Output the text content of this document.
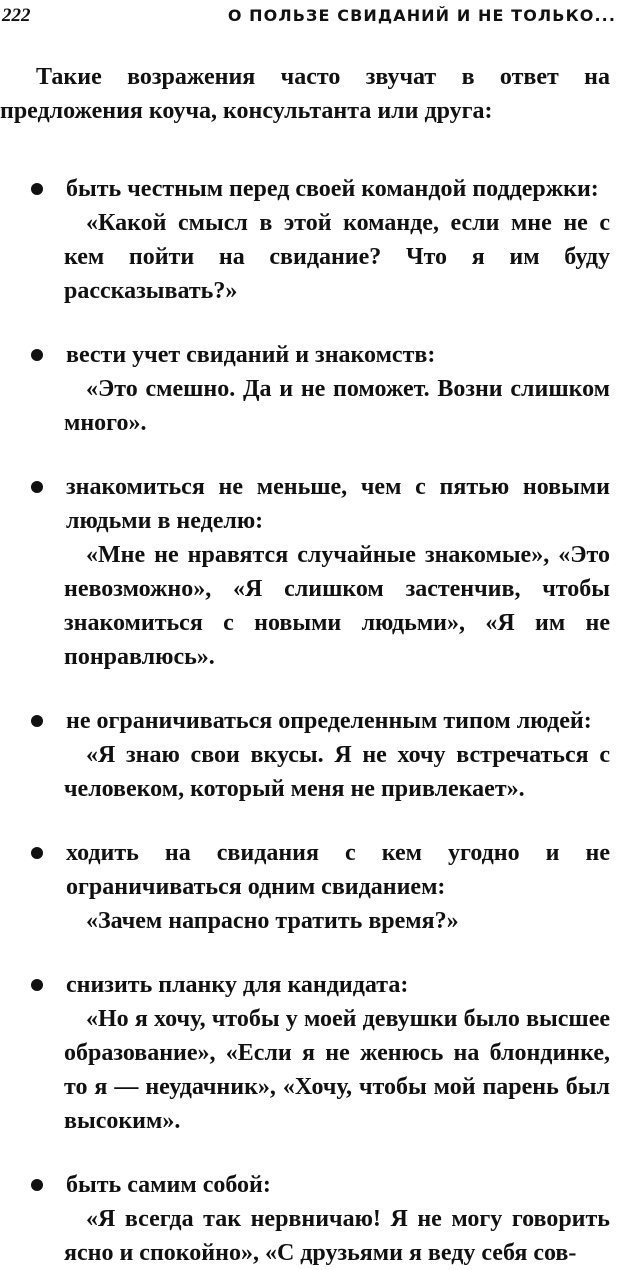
222	О ПОЛЬЗЕ СВИДАНИЙ И НЕ ТОЛЬКО...

Такие возражения часто звучат в ответ на предложения коуча, консультанта или друга:

быть честным перед своей командой поддержки:

«Какой смысл в этой команде, если мне не с кем пойти на свидание? Что я им буду рассказывать?»

вести учет свиданий и знакомств:

«Это смешно. Да и не поможет. Возни слишком много».

знакомиться не меньше, чем с пятью новыми людьми в неделю:

«Мне не нравятся случайные знакомые», «Это невозможно», «Я слишком застенчив, чтобы знакомиться с новыми людьми», «Я им не понравлюсь».

не ограничиваться определенным типом людей:

«Я знаю свои вкусы. Я не хочу встречаться с человеком, который меня не привлекает».

ходить на свидания с кем угодно и не ограничиваться одним свиданием:

«Зачем напрасно тратить время?»

снизить планку для кандидата:

«Но я хочу, чтобы у моей девушки было высшее образование», «Если я не женюсь на блондинке, то я — неудачник», «Хочу, чтобы мой парень был высоким».

быть самим собой:

«Я всегда так нервничаю! Я не могу говорить ясно и спокойно», «С друзьями я веду себя сов-
